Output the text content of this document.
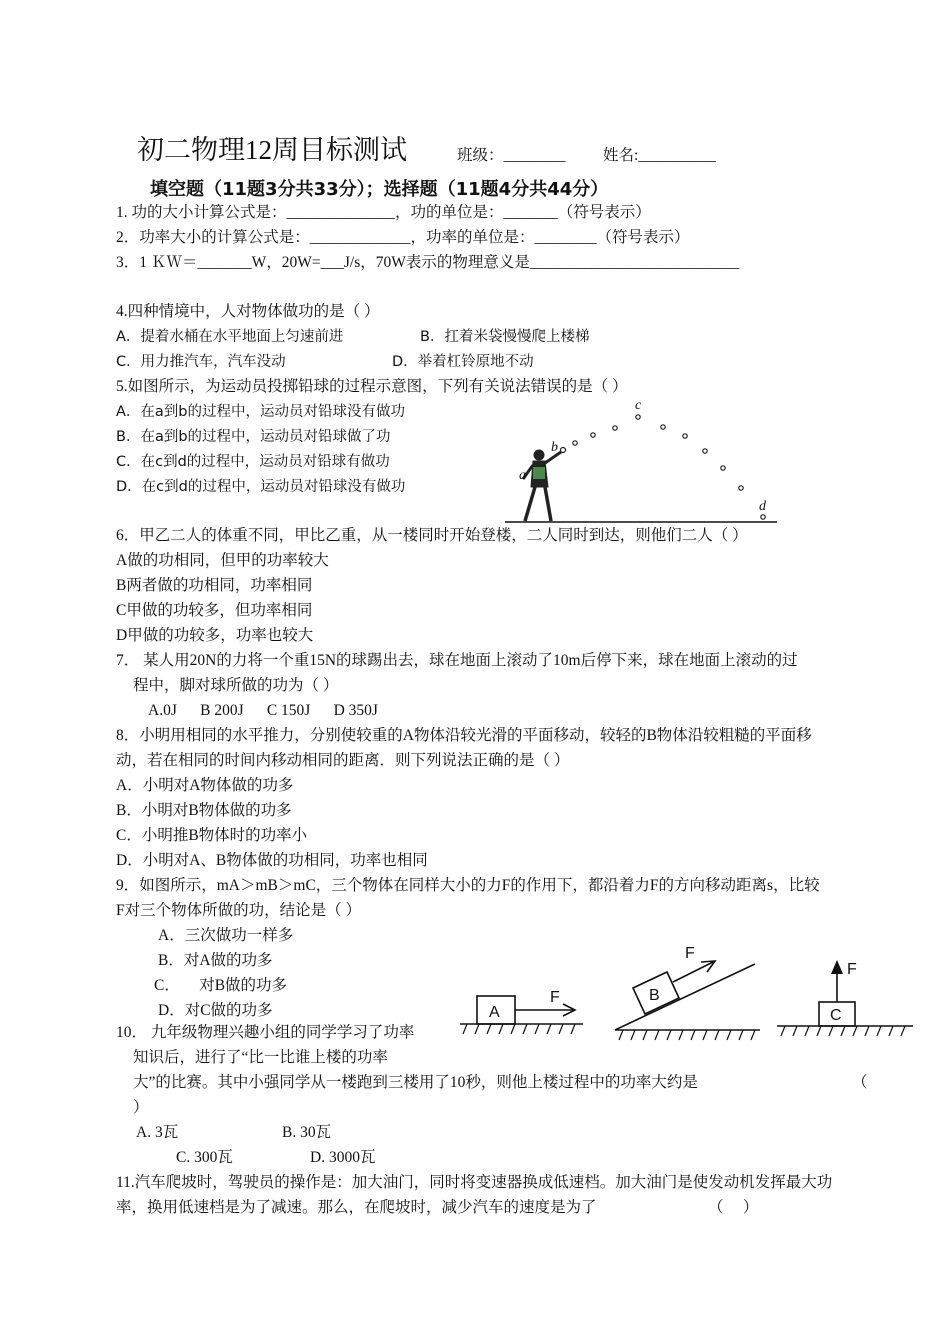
初二物理12周目标测试	班级：________ 姓名:__________
填空题（11题3分共33分）；选择题（11题4分共44分）
1. 功的大小计算公式是：______________，功的单位是：_______（符号表示）
2．功率大小的计算公式是：_____________，功率的单位是：________（符号表示）
3．1 ＫＷ＝_______W，20W=___J/s，70W表示的物理意义是___________________________
4.四种情境中，人对物体做功的是（ ）
A．提着水桶在水平地面上匀速前进	B．扛着米袋慢慢爬上楼梯
C．用力推汽车，汽车没动	D．举着杠铃原地不动
5.如图所示，为运动员投掷铅球的过程示意图，下列有关说法错误的是（ ）
A．在a到b的过程中，运动员对铅球没有做功
B．在a到b的过程中，运动员对铅球做了功
C．在c到d的过程中，运动员对铅球有做功
D．在c到d的过程中，运动员对铅球没有做功
a
b
c
d
6．甲乙二人的体重不同，甲比乙重，从一楼同时开始登楼，二人同时到达，则他们二人（ ）
A做的功相同，但甲的功率较大
B两者做的功相同，功率相同
C甲做的功较多，但功率相同
D甲做的功较多，功率也较大
7． 某人用20N的力将一个重15N的球踢出去，球在地面上滚动了10m后停下来，球在地面上滚动的过
程中，脚对球所做的功为（ ）
A.0J      B 200J      C 150J      D 350J
8．小明用相同的水平推力，分别使较重的A物体沿较光滑的平面移动，较轻的B物体沿较粗糙的平面移
动，若在相同的时间内移动相同的距离．则下列说法正确的是（ ）
A．小明对A物体做的功多
B．小明对B物体做的功多
C．小明推B物体时的功率小
D．小明对A、B物体做的功相同，功率也相同
9．如图所示，mA＞mB＞mC，三个物体在同样大小的力F的作用下，都沿着力F的方向移动距离s，比较
F对三个物体所做的功，结论是（ ）
A．三次做功一样多
B．对A做的功多
C．     对B做的功多
D．对C做的功多	A
B
C
F
F
F
10． 九年级物理兴趣小组的同学学习了功率
知识后，进行了“比一比谁上楼的功率
大”的比赛。其中小强同学从一楼跑到三楼用了10秒，则他上楼过程中的功率大约是	（
）
A. 3瓦	B. 30瓦
C. 300瓦	D. 3000瓦
11.汽车爬坡时，驾驶员的操作是：加大油门，同时将变速器换成低速档。加大油门是使发动机发挥最大功
率，换用低速档是为了减速。那么，在爬坡时，减少汽车的速度是为了	（     ）
